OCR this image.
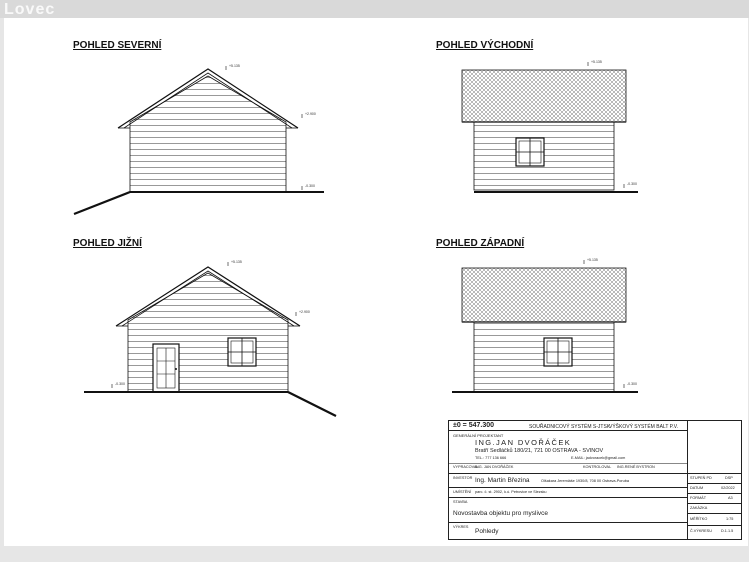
Lovec
POHLED SEVERNÍ	POHLED VÝCHODNÍ
POHLED JIŽNÍ	POHLED ZÁPADNÍ
+5.135
+2.900
-0.300
+5.135
-0.300
+5.135
+2.900
-0.300
+5.135
-0.300
±0 = 547.300	SOUŘADNICOVÝ SYSTÉM S-JTSK
VÝŠKOVÝ SYSTÉM BALT P.V.
GENERÁLNÍ PROJEKTANT
ING.JAN DVOŘÁČEK
Bratří Sedláčků 180/21, 721 00 OSTRAVA - SVINOV
TEL.: 777 136 666	E-MAIL: jadvoracek@gmail.com
VYPRACOVAL
ING. JAN DVOŘÁČEK	KONTROLOVAL ING.RENÉ BYSTRON
INVESTOR Ing. Martin Březina	Olšakara Jeremiáše 1930/8, 708 00 Ostrava-Poruba
UMÍSTĚNÍ parc. č. st. 2902, k.ú. Petrovice ve Slezsku
STAVBA
Novostavba objektu pro myslivce
VÝKRES
Pohledy
STUPEŇ PD	DSP
DATUM	02/2022
FORMÁT	A3
ZAKÁZKA
MĚŘÍTKO	1:75
Č.VÝKRESU D.1.1.5
